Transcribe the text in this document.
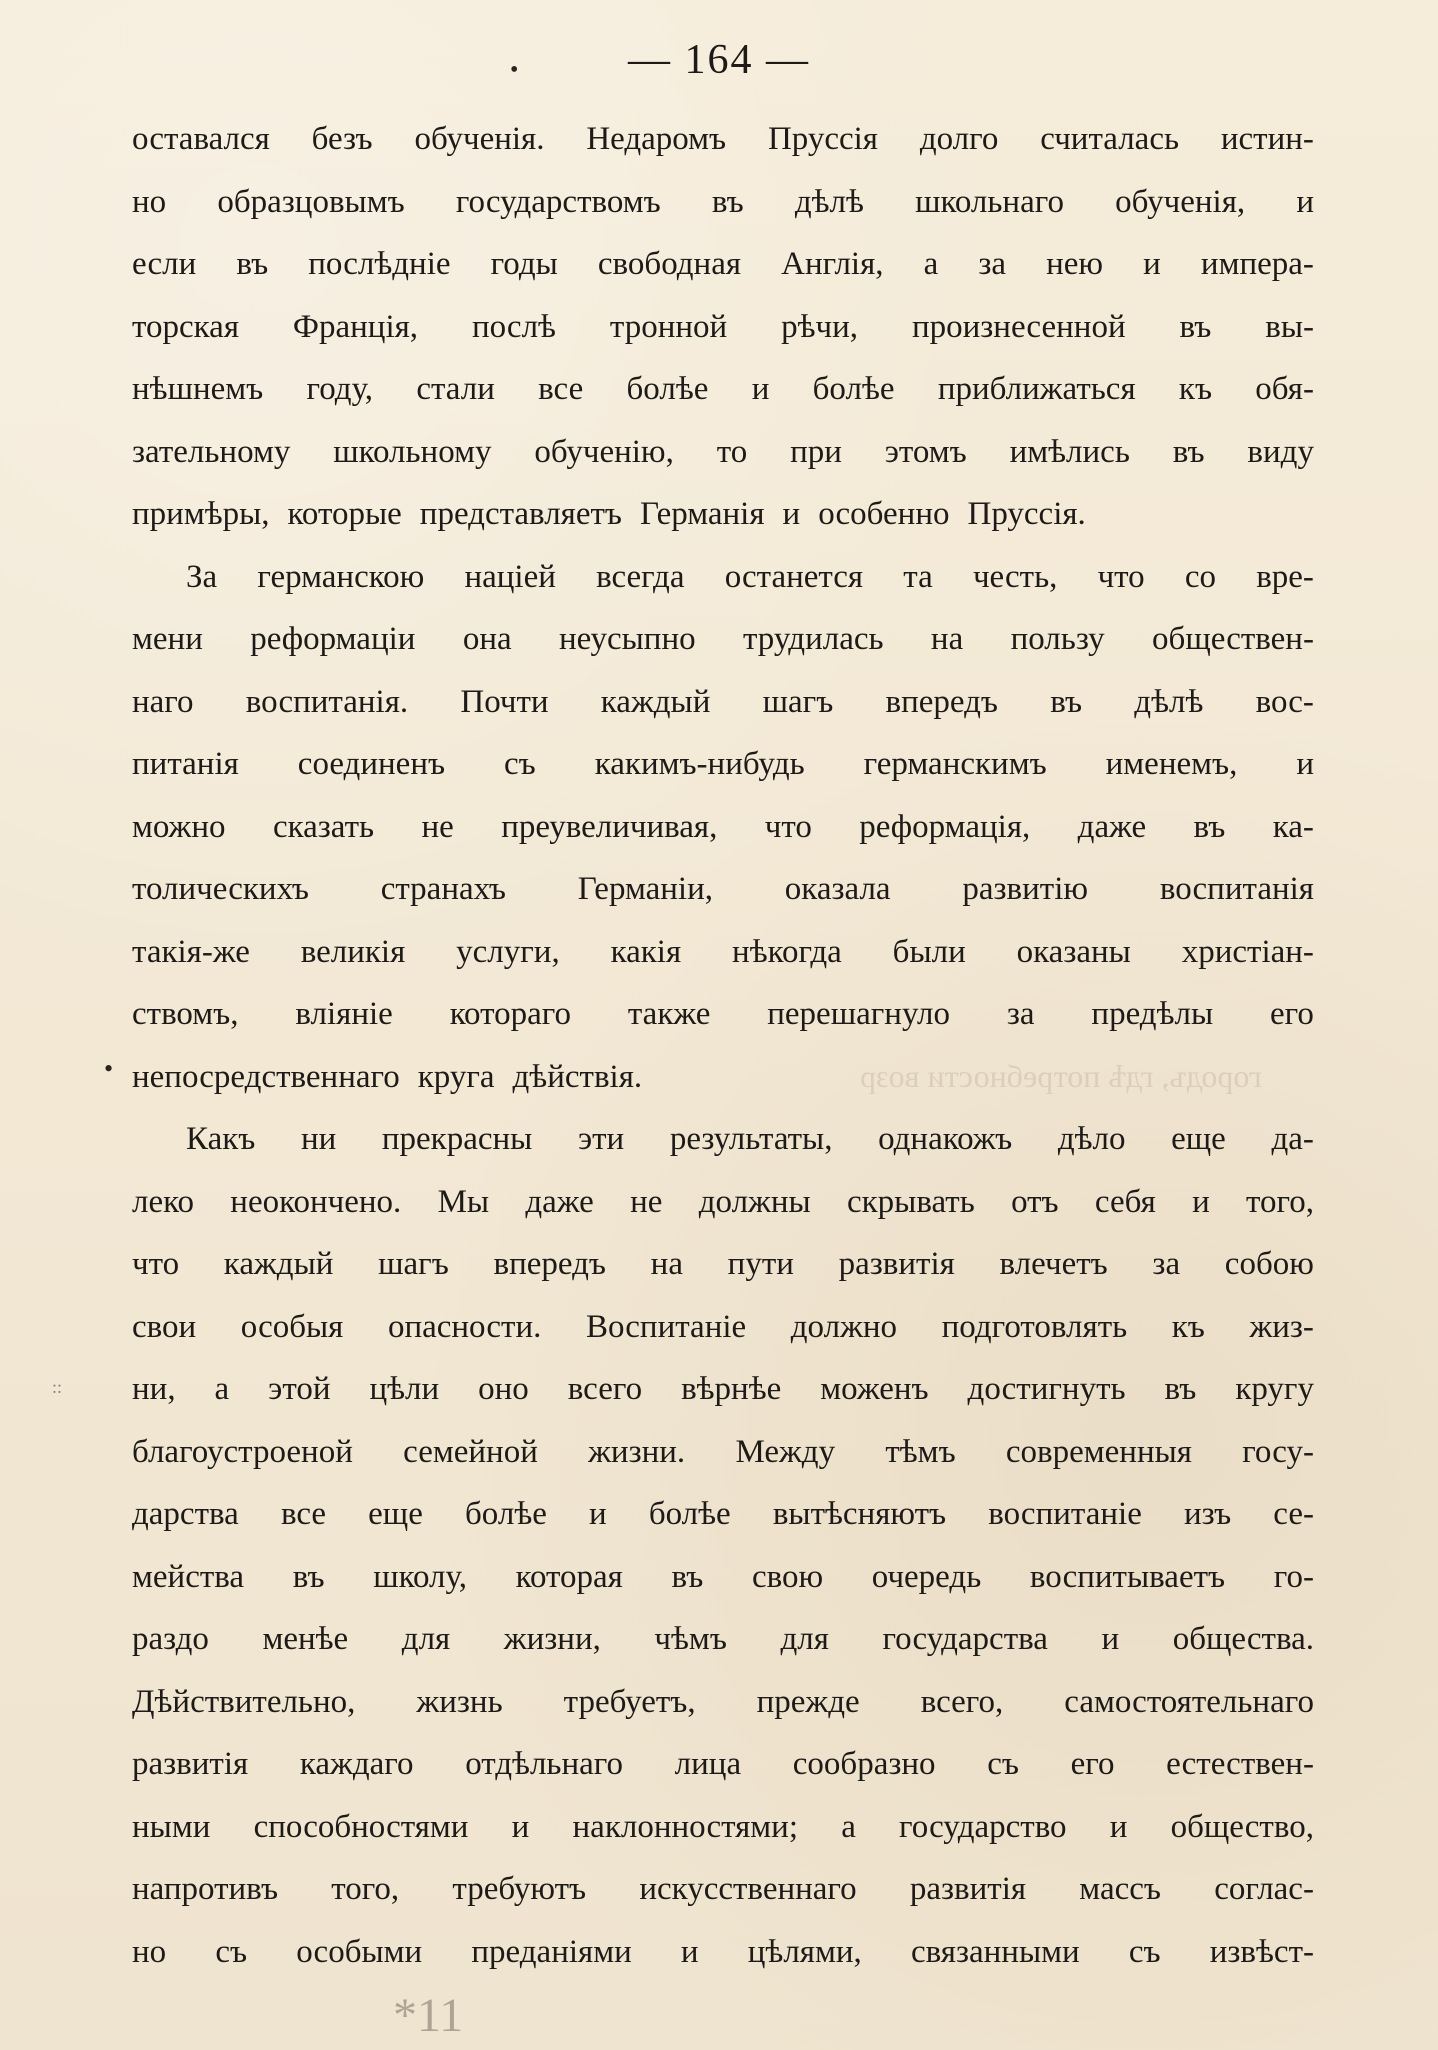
— 164 —
•
•
::
городъ, гдѣ потребности возр
*11
оставался безъ обученія. Недаромъ Пруссія долго считалась истин-
но образцовымъ государствомъ въ дѣлѣ школьнаго обученія, и
если въ послѣдніе годы свободная Англія, а за нею и импера-
торская Франція, послѣ тронной рѣчи, произнесенной въ вы-
нѣшнемъ году, стали все болѣе и болѣе приближаться къ обя-
зательному школьному обученію, то при этомъ имѣлись въ виду
примѣры, которые представляетъ Германія и особенно Пруссія.
За германскою націей всегда останется та честь, что со вре-
мени реформаціи она неусыпно трудилась на пользу обществен-
наго воспитанія. Почти каждый шагъ впередъ въ дѣлѣ вос-
питанія соединенъ съ какимъ-нибудь германскимъ именемъ, и
можно сказать не преувеличивая, что реформація, даже въ ка-
толическихъ странахъ Германіи, оказала развитію воспитанія
такія-же великія услуги, какія нѣкогда были оказаны христіан-
ствомъ, вліяніе котораго также перешагнуло за предѣлы его
непосредственнаго круга дѣйствія.
Какъ ни прекрасны эти результаты, однакожъ дѣло еще да-
леко неокончено. Мы даже не должны скрывать отъ себя и того,
что каждый шагъ впередъ на пути развитія влечетъ за собою
свои особыя опасности. Воспитаніе должно подготовлять къ жиз-
ни, а этой цѣли оно всего вѣрнѣе моженъ достигнуть въ кругу
благоустроеной семейной жизни. Между тѣмъ современныя госу-
дарства все еще болѣе и болѣе вытѣсняютъ воспитаніе изъ се-
мейства въ школу, которая въ свою очередь воспитываетъ го-
раздо менѣе для жизни, чѣмъ для государства и общества.
Дѣйствительно, жизнь требуетъ, прежде всего, самостоятельнаго
развитія каждаго отдѣльнаго лица сообразно съ его естествен-
ными способностями и наклонностями; а государство и общество,
напротивъ того, требуютъ искусственнаго развитія массъ соглас-
но съ особыми преданіями и цѣлями, связанными съ извѣст-
